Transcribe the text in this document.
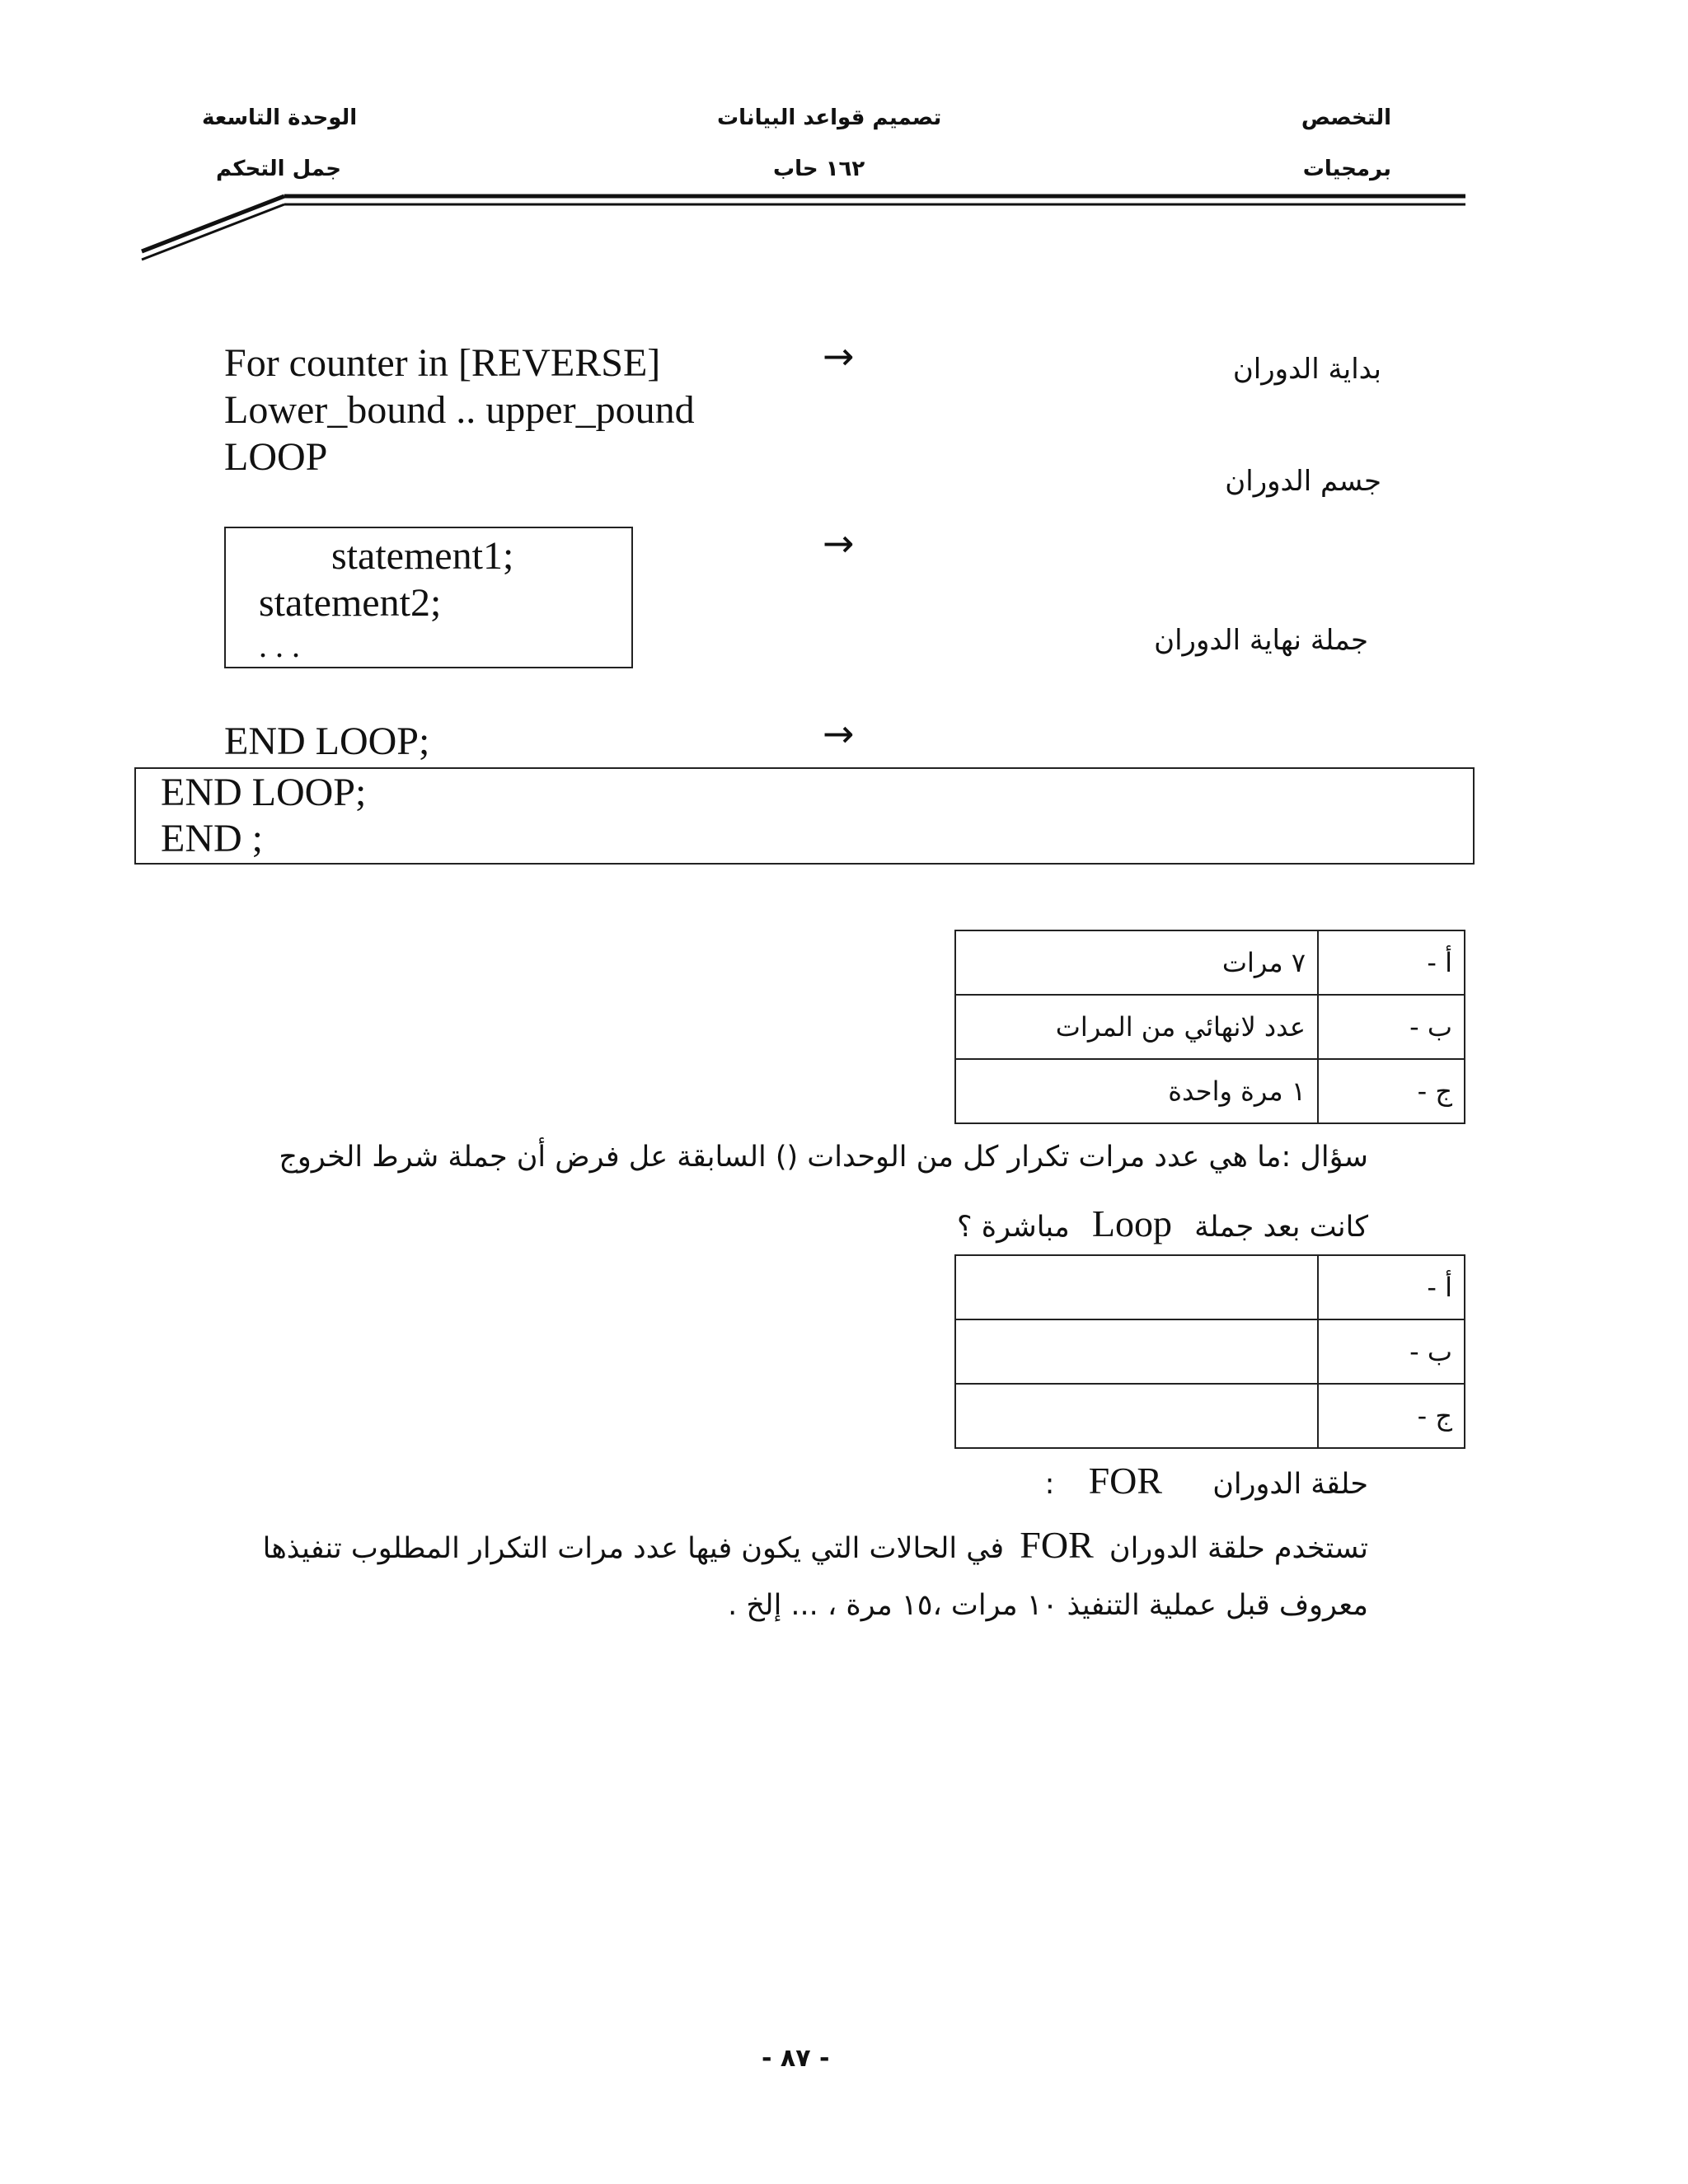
التخصص
برمجيات
تصميم قواعد البيانات
١٦٢ حاب
الوحدة التاسعة
جمل التحكم
For counter in [REVERSE]
Lower_bound .. upper_pound
LOOP
statement1;
statement2;
. . .
END LOOP;
→
→
→
بداية الدوران
جسم الدوران
جملة نهاية الدوران
END LOOP;
END ;
أ -	٧ مرات
ب -	عدد لانهائي من المرات
ج -	١ مرة واحدة
سؤال :ما هي عدد مرات تكرار كل من الوحدات () السابقة عل فرض أن جملة شرط الخروج
كانت بعد جملة Loop مباشرة ؟
أ -	
ب -	
ج -	
حلقة الدوران FOR :
تستخدم حلقة الدوران FOR في الحالات التي يكون فيها عدد مرات التكرار المطلوب تنفيذها
معروف قبل عملية التنفيذ ١٠ مرات ،١٥ مرة ، ... إلخ .
- ٨٧ -
